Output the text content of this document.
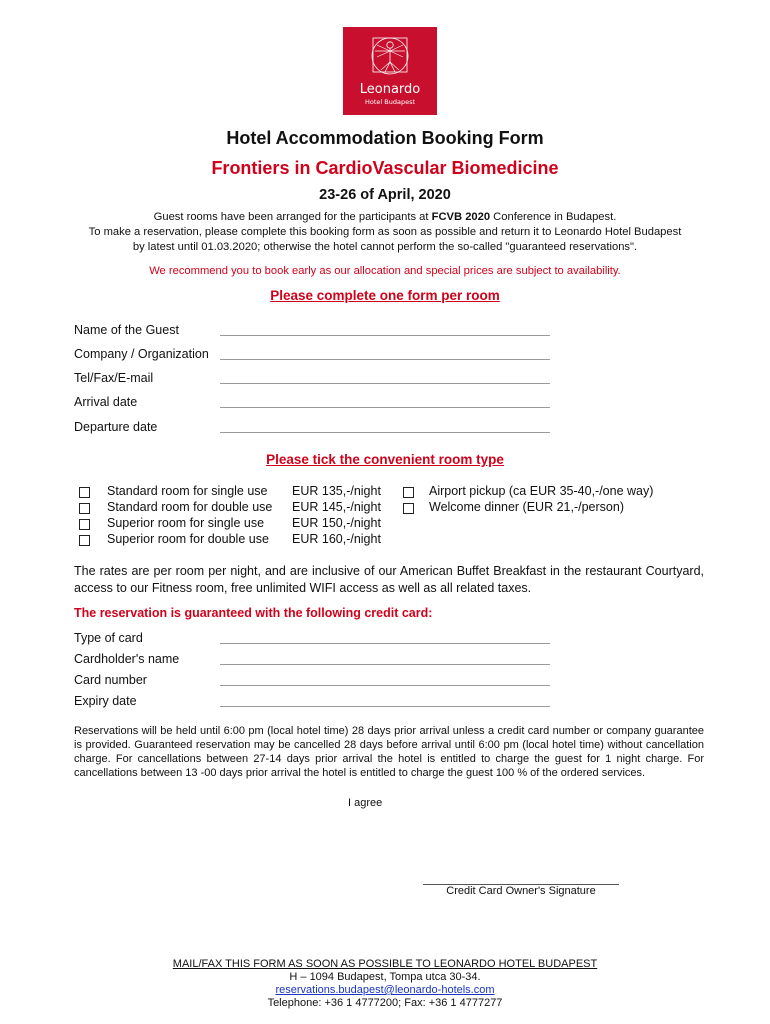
Leonardo
Hotel Budapest
Hotel Accommodation Booking Form
Frontiers in CardioVascular Biomedicine
23-26 of April, 2020
Guest rooms have been arranged for the participants at FCVB 2020 Conference in Budapest.
To make a reservation, please complete this booking form as soon as possible and return it to Leonardo Hotel Budapest
by latest until 01.03.2020; otherwise the hotel cannot perform the so-called "guaranteed reservations".
We recommend you to book early as our allocation and special prices are subject to availability.
Please complete one form per room
Name of the Guest
Company / Organization
Tel/Fax/E-mail
Arrival date
Departure date
Please tick the convenient room type
Standard room for single use EUR 135,-/night
Standard room for double use EUR 145,-/night
Superior room for single use EUR 150,-/night
Superior room for double use EUR 160,-/night
Airport pickup (ca EUR 35-40,-/one way)
Welcome dinner (EUR 21,-/person)
The rates are per room per night, and are inclusive of our American Buffet Breakfast in the restaurant Courtyard, access to our Fitness room, free unlimited WIFI access as well as all related taxes.
The reservation is guaranteed with the following credit card:
Type of card
Cardholder's name
Card number
Expiry date
Reservations will be held until 6:00 pm (local hotel time) 28 days prior arrival unless a credit card number or company guarantee is provided. Guaranteed reservation may be cancelled 28 days before arrival until 6:00 pm (local hotel time) without cancellation charge. For cancellations between 27-14 days prior arrival the hotel is entitled to charge the guest for 1 night charge. For cancellations between 13 -00 days prior arrival the hotel is entitled to charge the guest 100 % of the ordered services.
I agree
Credit Card Owner's Signature
MAIL/FAX THIS FORM AS SOON AS POSSIBLE TO LEONARDO HOTEL BUDAPEST
H – 1094 Budapest, Tompa utca 30-34.
reservations.budapest@leonardo-hotels.com
Telephone: +36 1 4777200; Fax: +36 1 4777277
